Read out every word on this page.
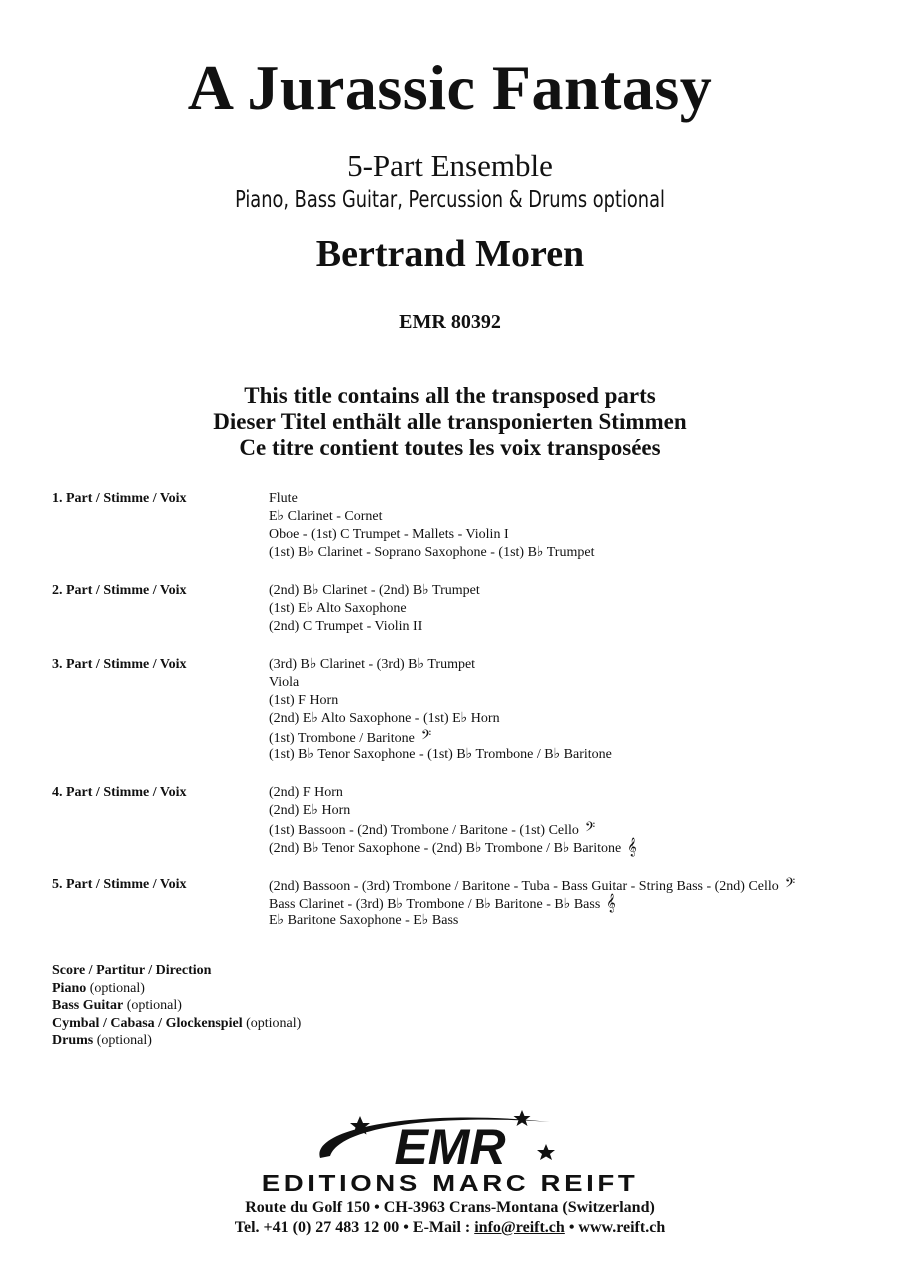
A Jurassic Fantasy
5-Part Ensemble
Piano, Bass Guitar, Percussion & Drums optional
Bertrand Moren
EMR 80392
This title contains all the transposed parts
Dieser Titel enthält alle transponierten Stimmen
Ce titre contient toutes les voix transposées
1. Part / Stimme / Voix	Flute
E♭ Clarinet - Cornet
Oboe - (1st) C Trumpet - Mallets - Violin I
(1st) B♭ Clarinet - Soprano Saxophone - (1st) B♭ Trumpet
2. Part / Stimme / Voix	(2nd) B♭ Clarinet - (2nd) B♭ Trumpet
(1st) E♭ Alto Saxophone
(2nd) C Trumpet - Violin II
3. Part / Stimme / Voix	(3rd) B♭ Clarinet - (3rd) B♭ Trumpet
Viola
(1st) F Horn
(2nd) E♭ Alto Saxophone - (1st) E♭ Horn
(1st) Trombone / Baritone 𝄢
(1st) B♭ Tenor Saxophone - (1st) B♭ Trombone / B♭ Baritone
4. Part / Stimme / Voix	(2nd) F Horn
(2nd) E♭ Horn
(1st) Bassoon - (2nd) Trombone / Baritone - (1st) Cello 𝄢
(2nd) B♭ Tenor Saxophone - (2nd) B♭ Trombone / B♭ Baritone 𝄞
5. Part / Stimme / Voix	(2nd) Bassoon - (3rd) Trombone / Baritone - Tuba - Bass Guitar - String Bass - (2nd) Cello 𝄢
Bass Clarinet - (3rd) B♭ Trombone / B♭ Baritone - B♭ Bass 𝄞
E♭ Baritone Saxophone - E♭ Bass
Score / Partitur / Direction
Piano (optional)
Bass Guitar (optional)
Cymbal / Cabasa / Glockenspiel (optional)
Drums (optional)
EMR
EDITIONS MARC REIFT
Route du Golf 150 • CH-3963 Crans-Montana (Switzerland)
Tel. +41 (0) 27 483 12 00 • E-Mail : info@reift.ch • www.reift.ch
